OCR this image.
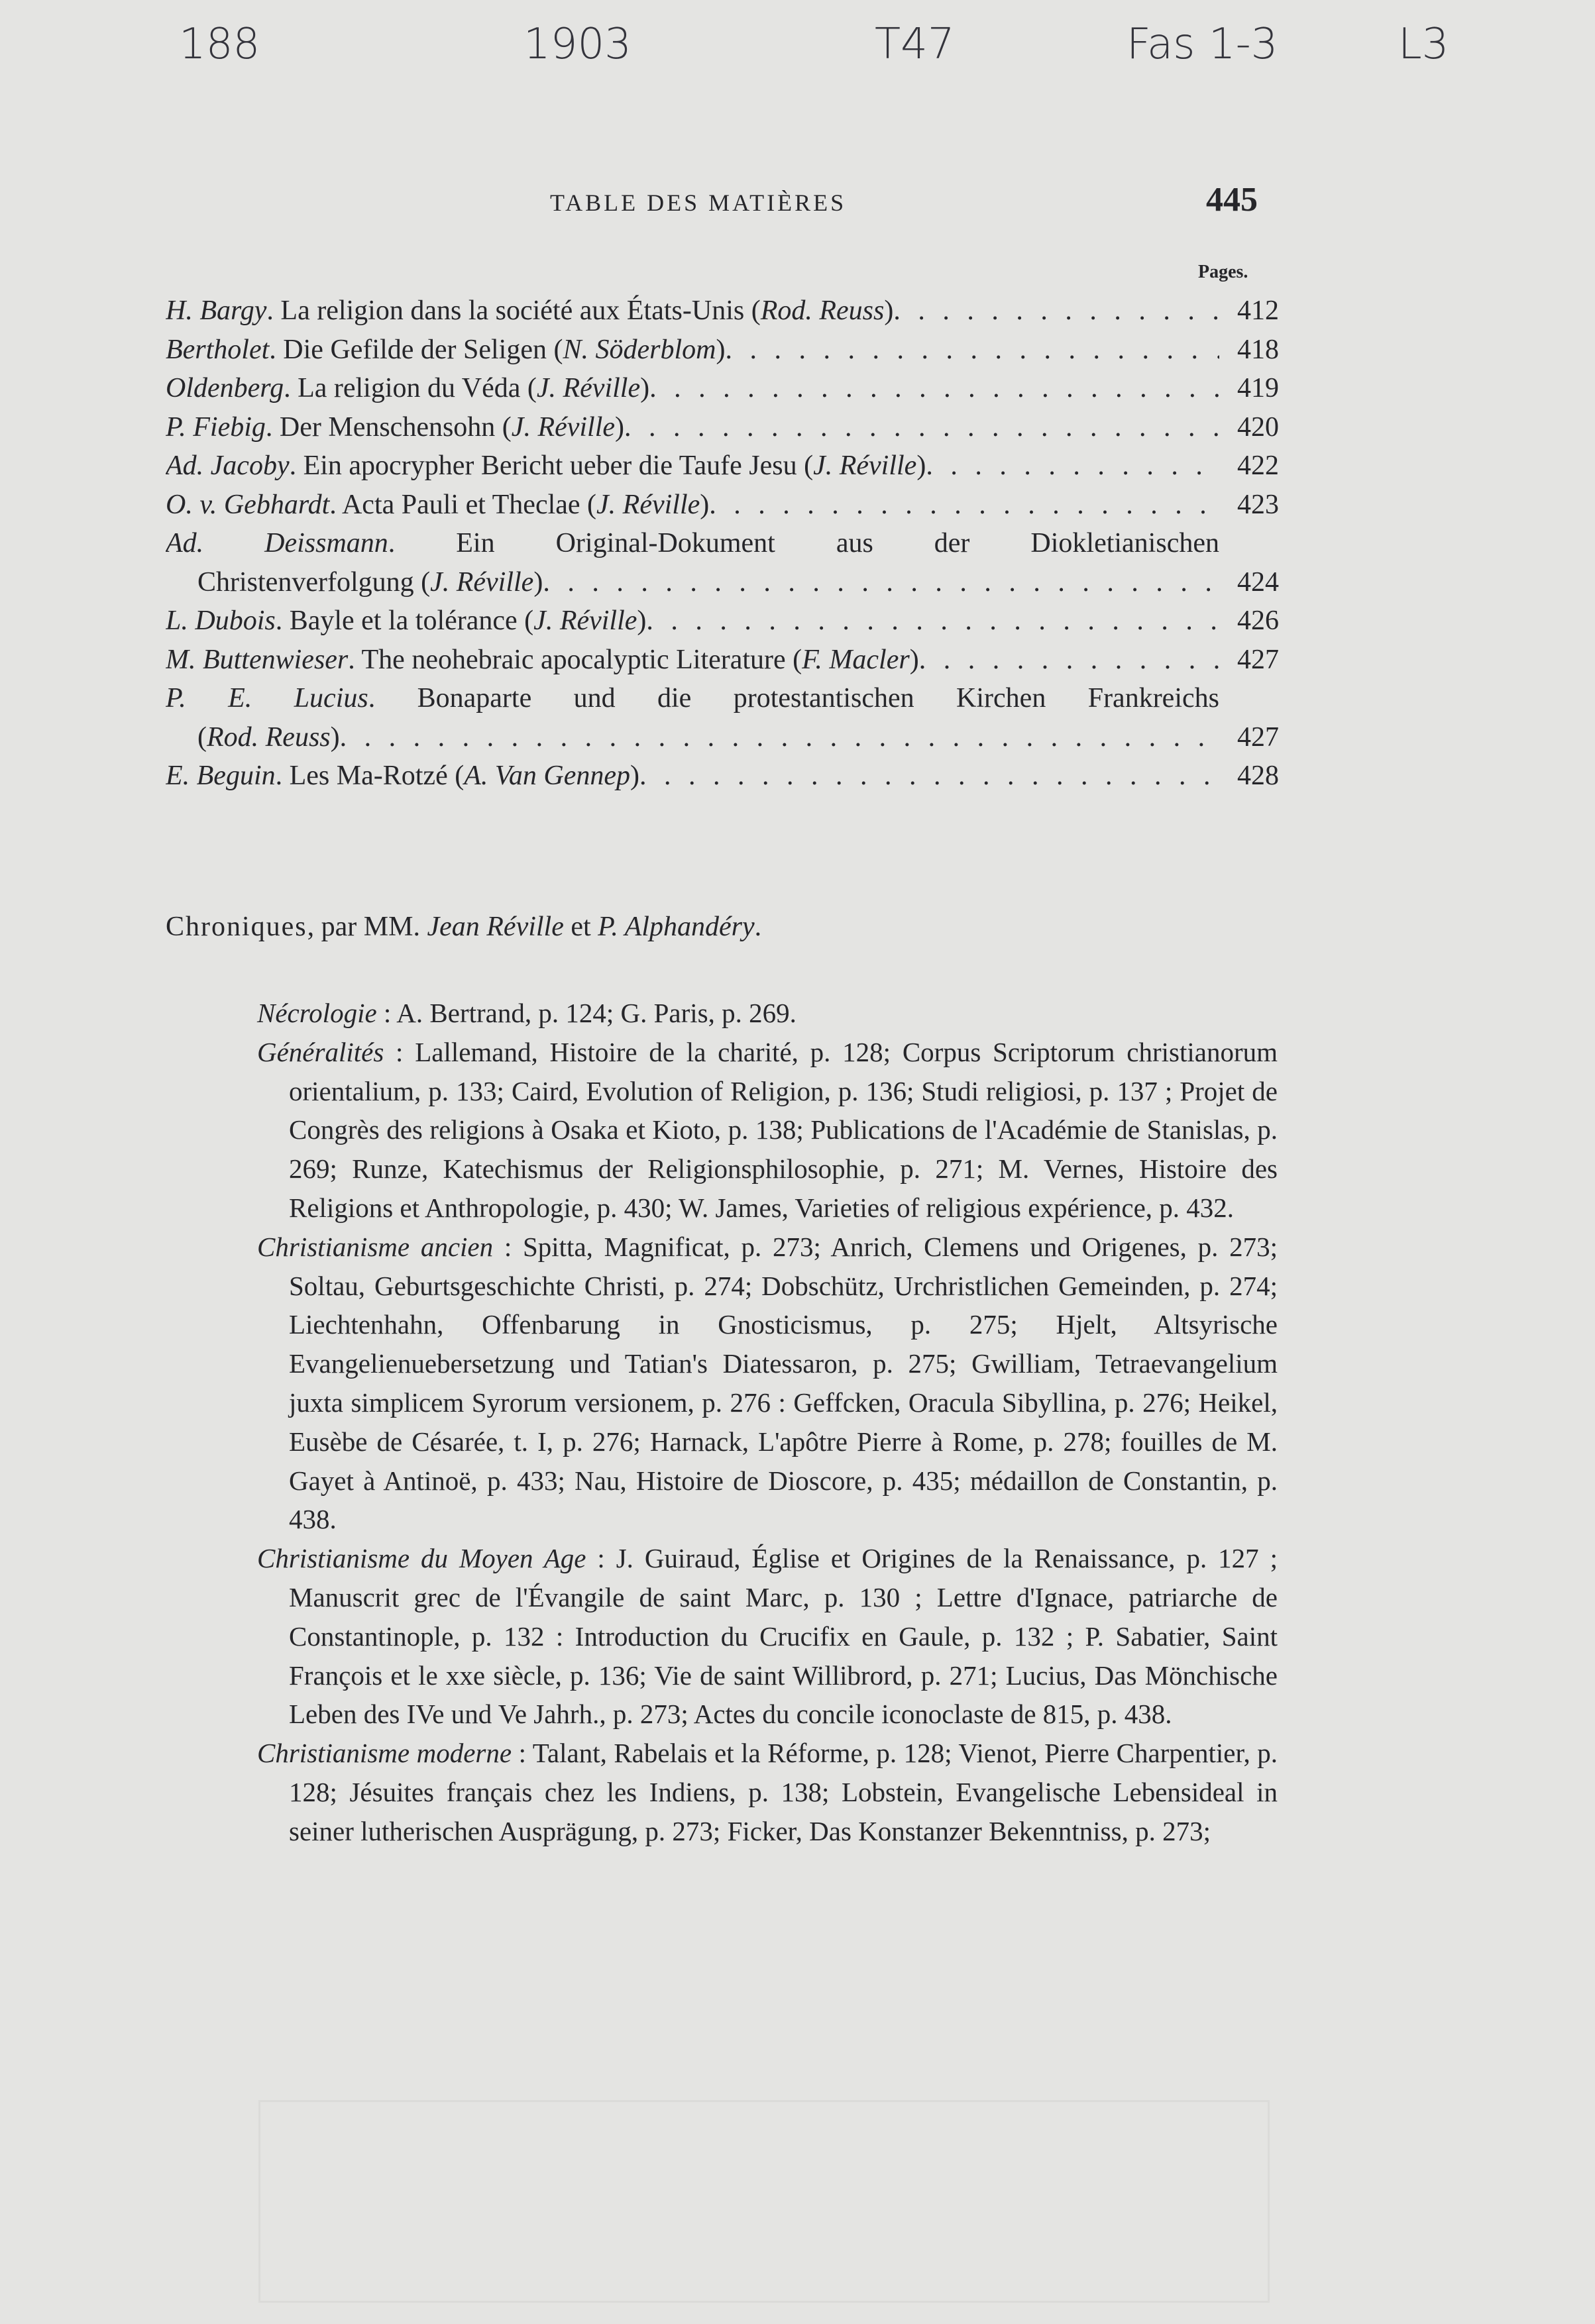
188	1903	T47	Fas 1-3	L3
TABLE DES MATIÈRES	445
Pages.
H. Bargy. La religion dans la société aux États-Unis (Rod. Reuss) . . .	412
Bertholet. Die Gefilde der Seligen (N. Söderblom) . . .	418
Oldenberg. La religion du Véda (J. Réville) . . .	419
P. Fiebig. Der Menschensohn (J. Réville) . . .	420
Ad. Jacoby. Ein apocrypher Bericht ueber die Taufe Jesu (J. Réville) . . .	422
O. v. Gebhardt. Acta Pauli et Theclae (J. Réville) . . .	423
Ad. Deissmann. Ein Original-Dokument aus der Diokletianischen
Christenverfolgung (J. Réville) . . .	424
L. Dubois. Bayle et la tolérance (J. Réville) . . .	426
M. Buttenwieser. The neohebraic apocalyptic Literature (F. Macler) . . .	427
P. E. Lucius. Bonaparte und die protestantischen Kirchen Frankreichs
(Rod. Reuss) . . .	427
E. Beguin. Les Ma-Rotzé (A. Van Gennep) . . .	428
Chroniques, par MM. Jean Réville et P. Alphandéry.

Nécrologie : A. Bertrand, p. 124; G. Paris, p. 269.

Généralités : Lallemand, Histoire de la charité, p. 128; Corpus Scriptorum christianorum orientalium, p. 133; Caird, Evolution of Religion, p. 136; Studi religiosi, p. 137 ; Projet de Congrès des religions à Osaka et Kioto, p. 138; Publications de l'Académie de Stanislas, p. 269; Runze, Katechismus der Religionsphilosophie, p. 271; M. Vernes, Histoire des Religions et Anthropologie, p. 430; W. James, Varieties of religious expérience, p. 432.

Christianisme ancien : Spitta, Magnificat, p. 273; Anrich, Clemens und Origenes, p. 273; Soltau, Geburtsgeschichte Christi, p. 274; Dobschütz, Urchristlichen Gemeinden, p. 274; Liechtenhahn, Offenbarung in Gnosticismus, p. 275; Hjelt, Altsyrische Evangelienuebersetzung und Tatian's Diatessaron, p. 275; Gwilliam, Tetraevangelium juxta simplicem Syrorum versionem, p. 276 : Geffcken, Oracula Sibyllina, p. 276; Heikel, Eusèbe de Césarée, t. I, p. 276; Harnack, L'apôtre Pierre à Rome, p. 278; fouilles de M. Gayet à Antinoë, p. 433; Nau, Histoire de Dioscore, p. 435; médaillon de Constantin, p. 438.

Christianisme du Moyen Age : J. Guiraud, Église et Origines de la Renaissance, p. 127 ; Manuscrit grec de l'Évangile de saint Marc, p. 130 ; Lettre d'Ignace, patriarche de Constantinople, p. 132 : Introduction du Crucifix en Gaule, p. 132 ; P. Sabatier, Saint François et le xxe siècle, p. 136; Vie de saint Willibrord, p. 271; Lucius, Das Mönchische Leben des IVe und Ve Jahrh., p. 273; Actes du concile iconoclaste de 815, p. 438.

Christianisme moderne : Talant, Rabelais et la Réforme, p. 128; Vienot, Pierre Charpentier, p. 128; Jésuites français chez les Indiens, p. 138; Lobstein, Evangelische Lebensideal in seiner lutherischen Ausprägung, p. 273; Ficker, Das Konstanzer Bekenntniss, p. 273;
